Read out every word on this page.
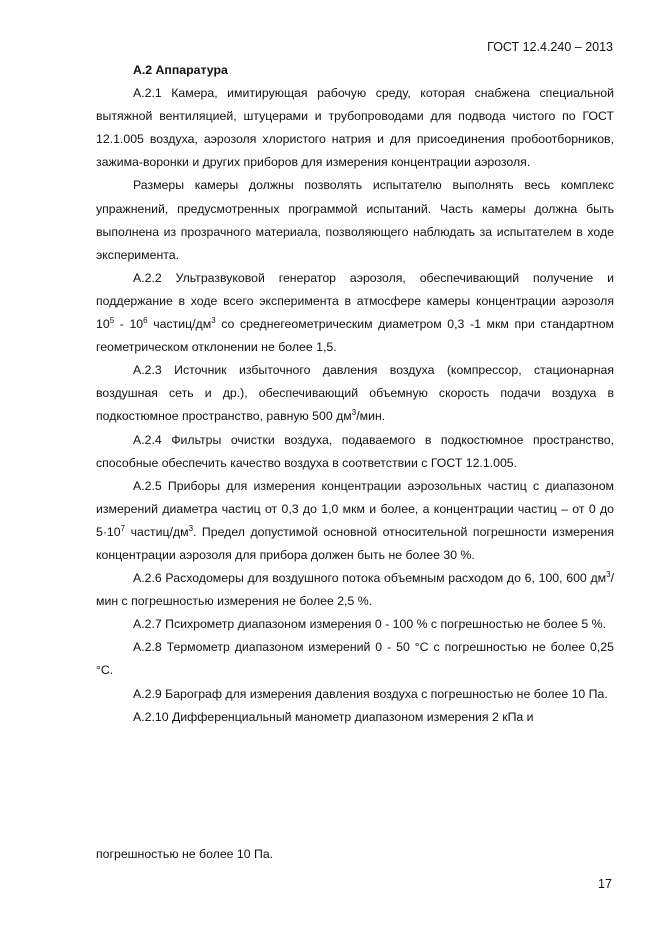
ГОСТ 12.4.240 – 2013

А.2 Аппаратура

А.2.1 Камера, имитирующая рабочую среду, которая снабжена специальной вытяжной вентиляцией, штуцерами и трубопроводами для подвода чистого по ГОСТ 12.1.005 воздуха, аэрозоля хлористого натрия и для присоединения пробоотборников, зажима-воронки и других приборов для измерения концентрации аэрозоля.

Размеры камеры должны позволять испытателю выполнять весь комплекс упражнений, предусмотренных программой испытаний. Часть камеры должна быть выполнена из прозрачного материала, позволяющего наблюдать за испытателем в ходе эксперимента.

А.2.2 Ультразвуковой генератор аэрозоля, обеспечивающий получение и поддержание в ходе всего эксперимента в атмосфере камеры концентрации аэрозоля $10^5 - 10^6$ частиц/$дм^3$ со среднегеометрическим диаметром 0,3 -1 мкм при стандартном геометрическом отклонении не более 1,5.

А.2.3 Источник избыточного давления воздуха (компрессор, стационарная воздушная сеть и др.), обеспечивающий объемную скорость подачи воздуха в подкостюмное пространство, равную 500 $дм^3$/мин.

А.2.4 Фильтры очистки воздуха, подаваемого в подкостюмное пространство, способные обеспечить качество воздуха в соответствии с ГОСТ 12.1.005.

А.2.5 Приборы для измерения концентрации аэрозольных частиц с диапазоном измерений диаметра частиц от 0,3 до 1,0 мкм и более, а концентрации частиц – от 0 до $5\cdot 10^7$ частиц/$дм^3$. Предел допустимой основной относительной погрешности измерения концентрации аэрозоля для прибора должен быть не более 30 %.

А.2.6 Расходомеры для воздушного потока объемным расходом до 6, 100, 600 $дм^3$/мин с погрешностью измерения не более 2,5 %.

А.2.7 Психрометр диапазоном измерения 0 - 100 % с погрешностью не более 5 %.

А.2.8 Термометр диапазоном измерений 0 - 50 °С с погрешностью не более 0,25 °С.

А.2.9 Барограф для измерения давления воздуха с погрешностью не более 10 Па.

А.2.10 Дифференциальный манометр диапазоном измерения 2 кПа и

погрешностью не более 10 Па.
17
